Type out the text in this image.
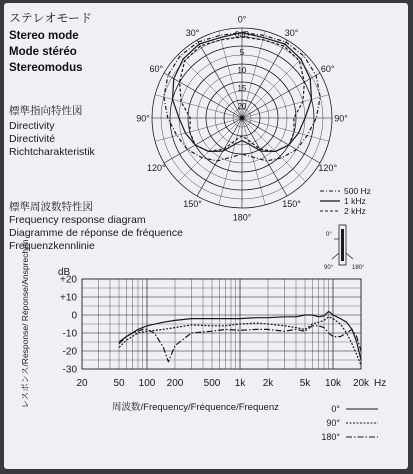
ステレオモード
Stereo mode
Mode stéréo
Stereomodus
標準指向特性図
Directivity
Directivité
Richtcharakteristik
標準周波数特性図
Frequency response diagram
Diagramme de réponse de fréquence
Frequenzkennlinie
0°
30°
60°
90°
120°
150°
180°
150°
120°
90°
60°
30°	0dB
5
10
15
20
500 Hz
1 kHz
2 kHz
0°
90°	180°
20	50 100 200 500 1k 2k	5k 10k 20k Hz
+20
+10
0
-10
-20
-30
dB
周波数/Frequency/Fréquence/Frequenz
レスポンス/Response/ Réponse/Ansprechen
0°
90°
180°
